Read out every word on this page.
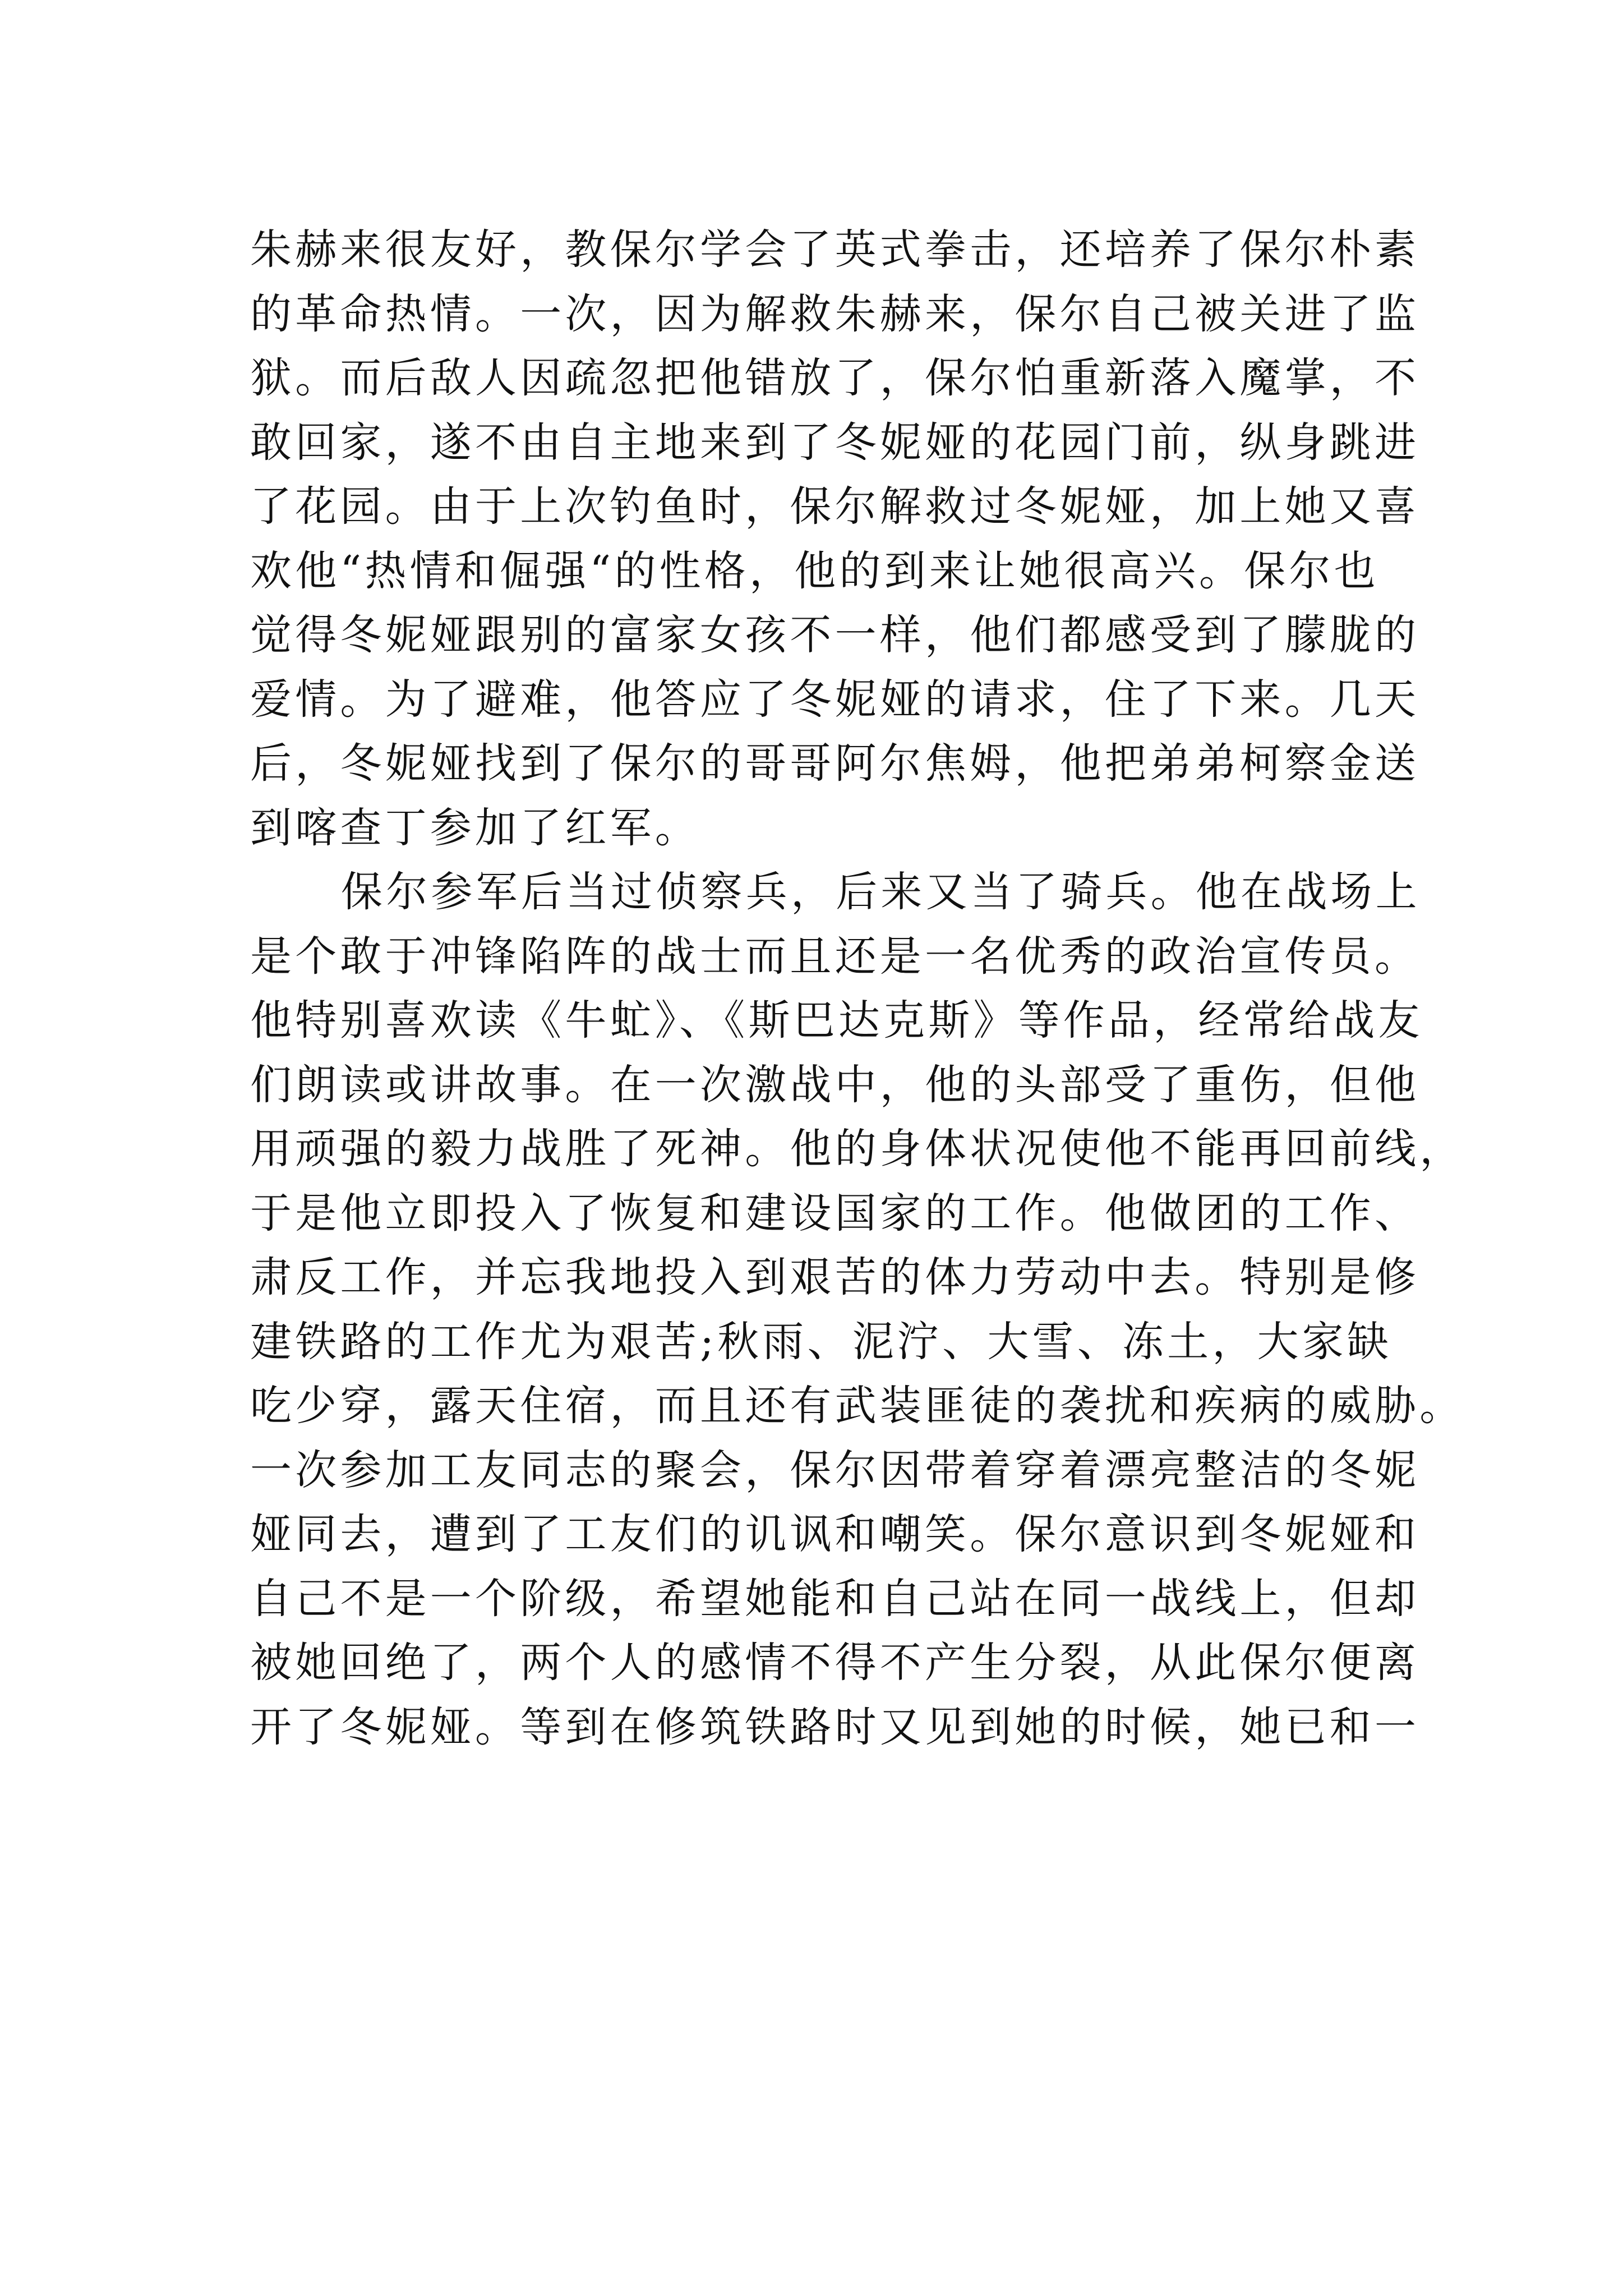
朱赫来很友好，教保尔学会了英式拳击，还培养了保尔朴素
的革命热情。一次，因为解救朱赫来，保尔自己被关进了监
狱。而后敌人因疏忽把他错放了，保尔怕重新落入魔掌，不
敢回家，遂不由自主地来到了冬妮娅的花园门前，纵身跳进
了花园。由于上次钓鱼时，保尔解救过冬妮娅，加上她又喜
欢他“热情和倔强“的性格，他的到来让她很高兴。保尔也
觉得冬妮娅跟别的富家女孩不一样，他们都感受到了朦胧的
爱情。为了避难，他答应了冬妮娅的请求，住了下来。几天
后，冬妮娅找到了保尔的哥哥阿尔焦姆，他把弟弟柯察金送
到喀查丁参加了红军。
保尔参军后当过侦察兵，后来又当了骑兵。他在战场上
是个敢于冲锋陷阵的战士而且还是一名优秀的政治宣传员。
他特别喜欢读《牛虻》、《斯巴达克斯》等作品，经常给战友
们朗读或讲故事。在一次激战中，他的头部受了重伤，但他
用顽强的毅力战胜了死神。他的身体状况使他不能再回前线，
于是他立即投入了恢复和建设国家的工作。他做团的工作、
肃反工作，并忘我地投入到艰苦的体力劳动中去。特别是修
建铁路的工作尤为艰苦;秋雨、泥泞、大雪、冻土，大家缺
吃少穿，露天住宿，而且还有武装匪徒的袭扰和疾病的威胁。
一次参加工友同志的聚会，保尔因带着穿着漂亮整洁的冬妮
娅同去，遭到了工友们的讥讽和嘲笑。保尔意识到冬妮娅和
自己不是一个阶级，希望她能和自己站在同一战线上，但却
被她回绝了，两个人的感情不得不产生分裂，从此保尔便离
开了冬妮娅。等到在修筑铁路时又见到她的时候，她已和一
